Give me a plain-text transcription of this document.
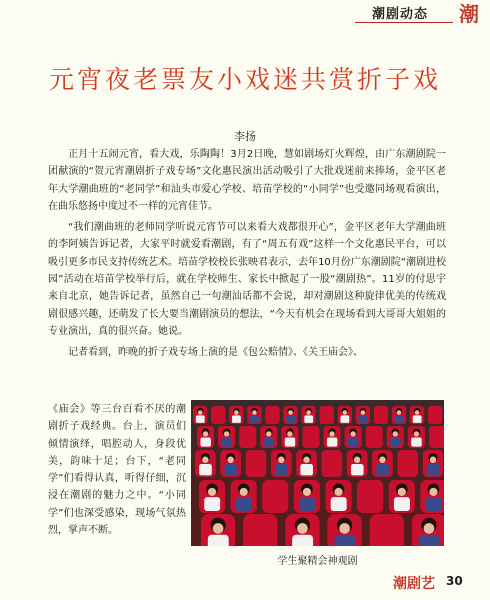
潮剧动态 潮
元宵夜老票友小戏迷共赏折子戏
李扬

正月十五闹元宵，看大戏，乐陶陶！3月2日晚，慧如剧场灯火辉煌，由广东潮剧院一团献演的“贺元宵潮剧折子戏专场”文化惠民演出活动吸引了大批戏迷前来捧场，金平区老年大学潮曲班的“老同学”和汕头市爱心学校、培苗学校的“小同学”也受邀同场观看演出，在曲乐悠扬中度过不一样的元宵佳节。

“我们潮曲班的老师同学听说元宵节可以来看大戏都很开心”，金平区老年大学潮曲班的李阿姨告诉记者，大家平时就爱看潮剧，有了“周五有戏”这样一个文化惠民平台，可以吸引更多市民支持传统艺术。培苗学校校长张映君表示，去年10月份广东潮剧院“潮剧进校园”活动在培苗学校举行后，就在学校师生、家长中掀起了一股“潮剧热”。11岁的付思宇来自北京，她告诉记者，虽然自己一句潮汕话都不会说，却对潮剧这种旋律优美的传统戏剧很感兴趣，还萌发了长大要当潮剧演员的想法，“今天有机会在现场看到大哥哥大姐姐的专业演出，真的很兴奋。她说。

记者看到，昨晚的折子戏专场上演的是《包公赔情》、《关王庙会》、

《庙会》等三台百看不厌的潮剧折子戏经典。台上，演员们倾情演绎，唱腔动人，身段优美，韵味十足；台下，“老同学”们看得认真，听得仔细，沉浸在潮剧的魅力之中。“小同学”们也深受感染，现场气氛热烈，掌声不断。
学生聚精会神观剧
潮剧艺 30
